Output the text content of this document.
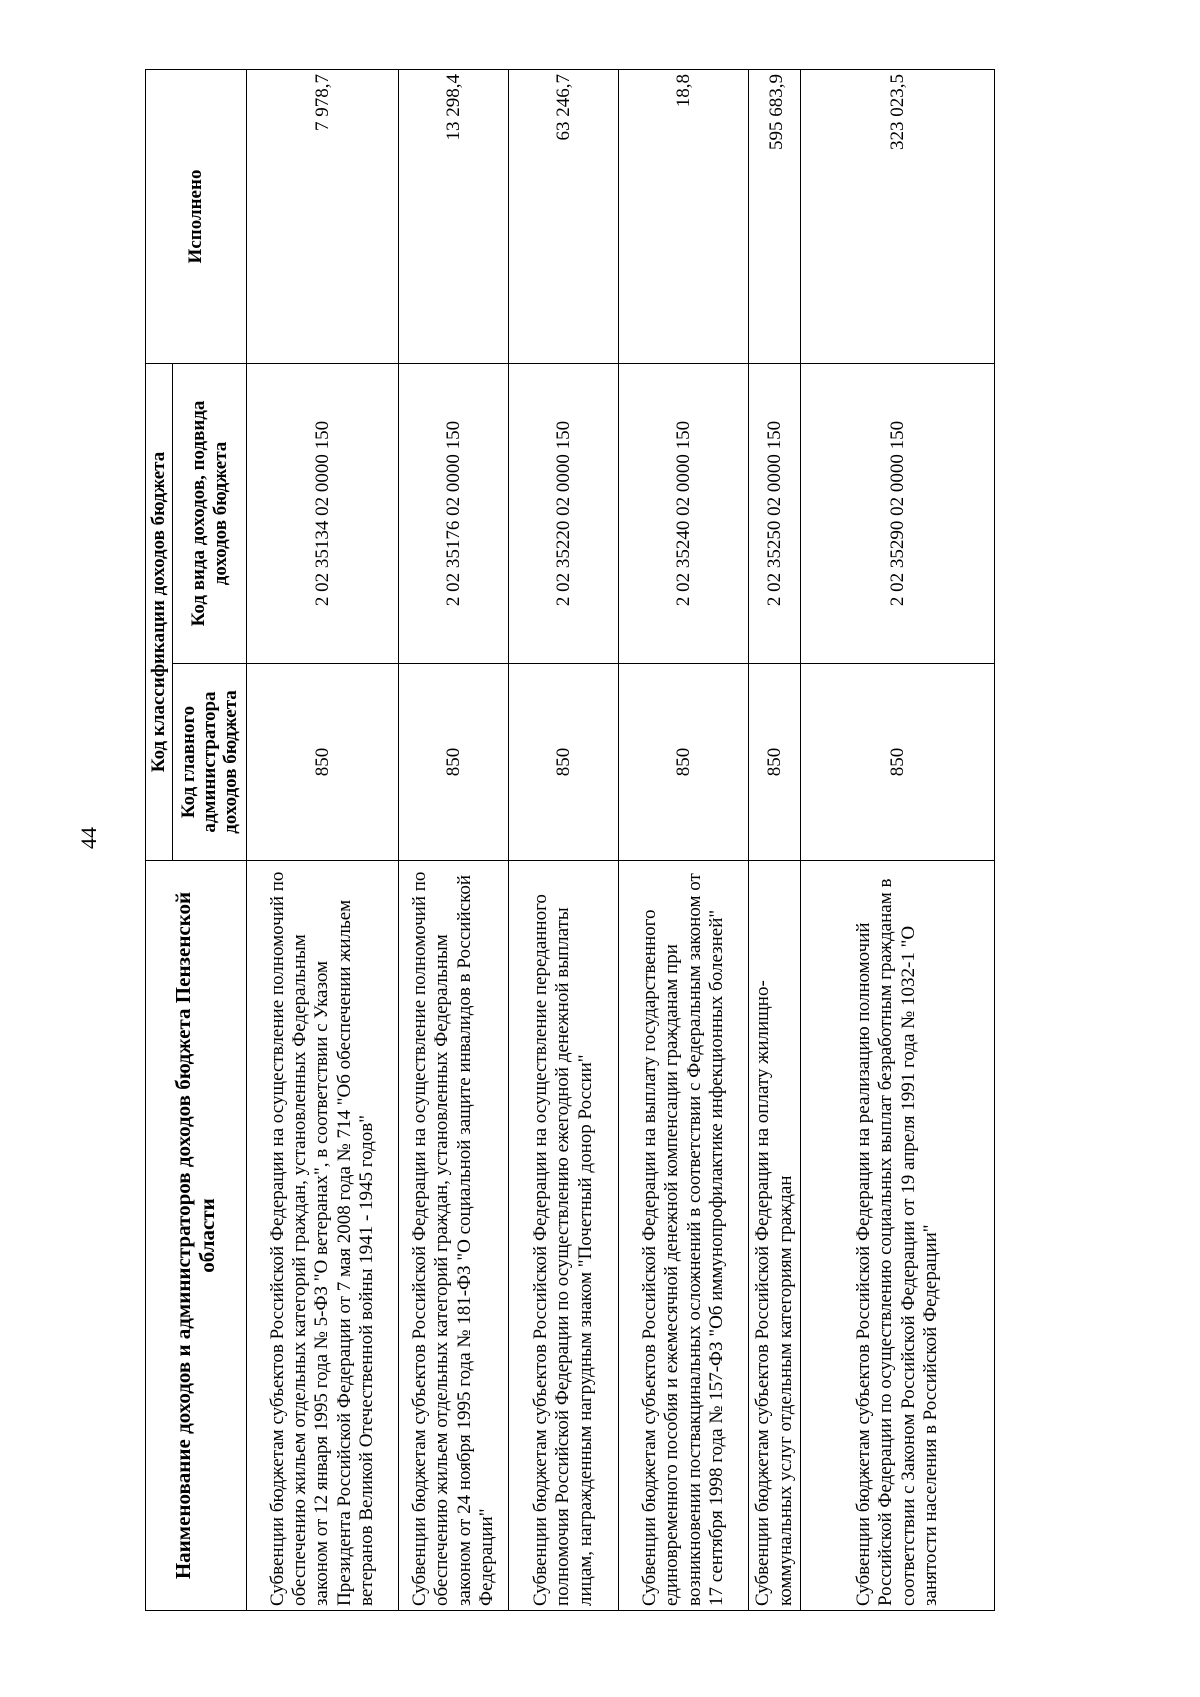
44
Наименование доходов и администраторов доходов бюджета Пензенской области	Код классификации доходов бюджета		Исполнено
	Код главного администратора доходов бюджета	Код вида доходов, подвида доходов бюджета	
Субвенции бюджетам субъектов Российской Федерации на осуществление полномочий по обеспечению жильем отдельных категорий граждан, установленных Федеральным законом от 12 января 1995 года № 5-ФЗ "О ветеранах", в соответствии с Указом Президента Российской Федерации от 7 мая 2008 года № 714 "Об обеспечении жильем ветеранов Великой Отечественной войны 1941 - 1945 годов"	850	2 02 35134 02 0000 150	7 978,7
Субвенции бюджетам субъектов Российской Федерации на осуществление полномочий по обеспечению жильем отдельных категорий граждан, установленных Федеральным законом от 24 ноября 1995 года № 181-ФЗ "О социальной защите инвалидов в Российской Федерации"	850	2 02 35176 02 0000 150	13 298,4
Субвенции бюджетам субъектов Российской Федерации на осуществление переданного полномочия Российской Федерации по осуществлению ежегодной денежной выплаты лицам, награжденным нагрудным знаком "Почетный донор России"	850	2 02 35220 02 0000 150	63 246,7
Субвенции бюджетам субъектов Российской Федерации на выплату государственного единовременного пособия и ежемесячной денежной компенсации гражданам при возникновении поствакцинальных осложнений в соответствии с Федеральным законом от 17 сентября 1998 года № 157-ФЗ "Об иммунопрофилактике инфекционных болезней"	850	2 02 35240 02 0000 150	18,8
Субвенции бюджетам субъектов Российской Федерации на оплату жилищно-коммунальных услуг отдельным категориям граждан	850	2 02 35250 02 0000 150	595 683,9
Субвенции бюджетам субъектов Российской Федерации на реализацию полномочий Российской Федерации по осуществлению социальных выплат безработным гражданам в соответствии с Законом Российской Федерации от 19 апреля 1991 года № 1032-1 "О занятости населения в Российской Федерации"	850	2 02 35290 02 0000 150	323 023,5
